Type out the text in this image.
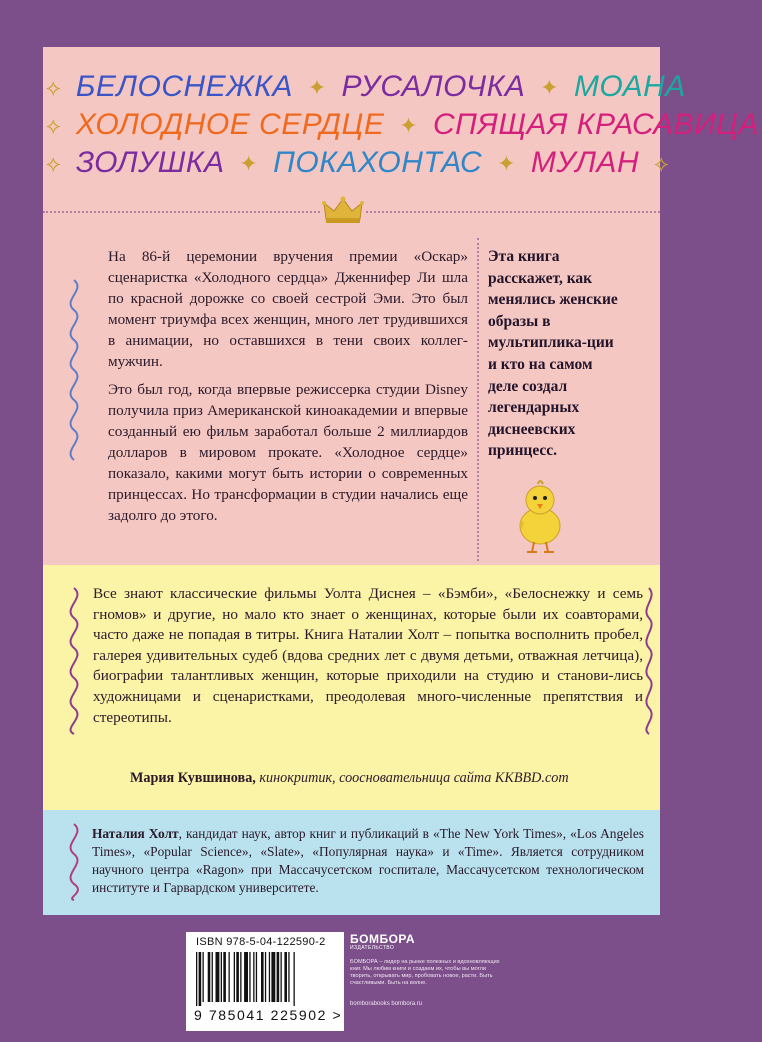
⟡ БЕЛОСНЕЖКА ✦ РУСАЛОЧКА ✦ МОАНА
⟡ ХОЛОДНОЕ СЕРДЦЕ ✦ СПЯЩАЯ КРАСАВИЦА
⟡ ЗОЛУШКА ✦ ПОКАХОНТАС ✦ МУЛАН ⟡

На 86-й церемонии вручения премии «Оскар» сценаристка «Холодного сердца» Дженнифер Ли шла по красной дорожке со своей сестрой Эми. Это был момент триумфа всех женщин, много лет трудившихся в анимации, но оставшихся в тени своих коллег-мужчин.

Это был год, когда впервые режиссерка студии Disney получила приз Американской киноакадемии и впервые созданный ею фильм заработал больше 2 миллиардов долларов в мировом прокате. «Холодное сердце» показало, какими могут быть истории о современных принцессах. Но трансформации в студии начались еще задолго до этого.

Эта книга расскажет, как менялись женские образы в мультиплика-ции и кто на самом деле создал легендарных диснеевских принцесс.

Все знают классические фильмы Уолта Диснея – «Бэмби», «Белоснежку и семь гномов» и другие, но мало кто знает о женщинах, которые были их соавторами, часто даже не попадая в титры. Книга Наталии Холт – попытка восполнить пробел, галерея удивительных судеб (вдова средних лет с двумя детьми, отважная летчица), биографии талантливых женщин, которые приходили на студию и станови-лись художницами и сценаристками, преодолевая много-численные препятствия и стереотипы.

Мария Кувшинова, кинокритик, соосновательница сайта KKBBD.com

Наталия Холт, кандидат наук, автор книг и публикаций в «The New York Times», «Los Angeles Times», «Popular Science», «Slate», «Популярная наука» и «Time». Является сотрудником научного центра «Ragon» при Массачусетском госпитале, Массачусетском технологическом институте и Гарвардском университете.

ISBN 978-5-04-122590-2
9 785041 225902 >
БОМБОРА
ИЗДАТЕЛЬСТВО
БОМБОРА – лидер на рынке полезных и вдохновляющих книг. Мы любим книги и создаем их, чтобы вы могли творить, открывать мир, пробовать новое, расти. Быть счастливыми. Быть на волне.
bomborabooks bombora.ru
